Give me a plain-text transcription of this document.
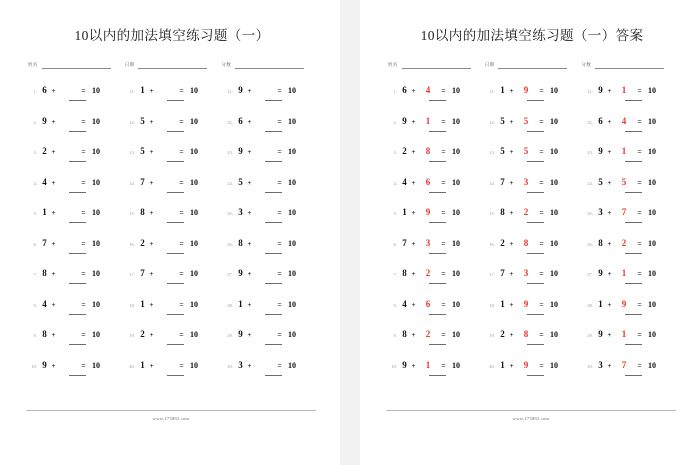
10以内的加法填空练习题（一）
姓名	日期	分数
1. 6 +	= 10
2. 9 +	= 10
3. 2 +	= 10
4. 4 +	= 10
5. 1 +	= 10
6. 7 +	= 10
7. 8 +	= 10
8. 4 +	= 10
9. 8 +	= 10
10. 9 +	= 10
11. 1 +	= 10
12. 5 +	= 10
13. 5 +	= 10
14. 7 +	= 10
15. 8 +	= 10
16. 2 +	= 10
17. 7 +	= 10
18. 1 +	= 10
19. 2 +	= 10
20. 1 +	= 10
21. 9 +	= 10
22. 6 +	= 10
23. 9 +	= 10
24. 5 +	= 10
25. 3 +	= 10
26. 8 +	= 10
27. 9 +	= 10
28. 1 +	= 10
29. 9 +	= 10
30. 3 +	= 10
www.173882.com
10以内的加法填空练习题（一）答案
姓名	日期	分数
1. 6 +	4	= 10
2. 9 +	1	= 10
3. 2 +	8	= 10
4. 4 +	6	= 10
5. 1 +	9	= 10
6. 7 +	3	= 10
7. 8 +	2	= 10
8. 4 +	6	= 10
9. 8 +	2	= 10
10. 9 +	1	= 10
11. 1 +	9	= 10
12. 5 +	5	= 10
13. 5 +	5	= 10
14. 7 +	3	= 10
15. 8 +	2	= 10
16. 2 +	8	= 10
17. 7 +	3	= 10
18. 1 +	9	= 10
19. 2 +	8	= 10
20. 1 +	9	= 10
21. 9 +	1	= 10
22. 6 +	4	= 10
23. 9 +	1	= 10
24. 5 +	5	= 10
25. 3 +	7	= 10
26. 8 +	2	= 10
27. 9 +	1	= 10
28. 1 +	9	= 10
29. 9 +	1	= 10
30. 3 +	7	= 10
www.173882.com
